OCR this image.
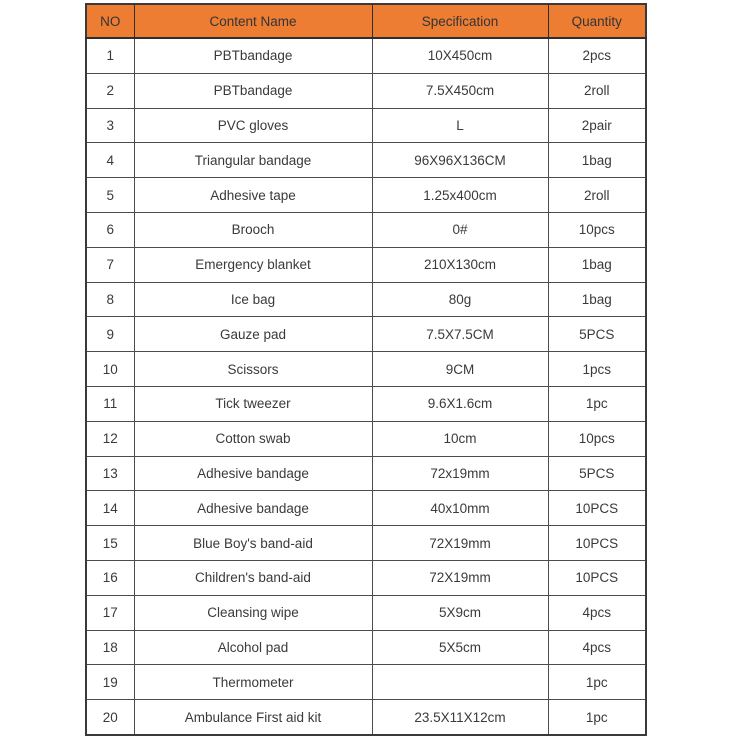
NO	Content Name	Specification	Quantity
1	PBTbandage	10X450cm	2pcs
2	PBTbandage	7.5X450cm	2roll
3	PVC gloves	L	2pair
4	Triangular bandage	96X96X136CM	1bag
5	Adhesive tape	1.25x400cm	2roll
6	Brooch	0#	10pcs
7	Emergency blanket	210X130cm	1bag
8	Ice bag	80g	1bag
9	Gauze pad	7.5X7.5CM	5PCS
10	Scissors	9CM	1pcs
11	Tick tweezer	9.6X1.6cm	1pc
12	Cotton swab	10cm	10pcs
13	Adhesive bandage	72x19mm	5PCS
14	Adhesive bandage	40x10mm	10PCS
15	Blue Boy's band-aid	72X19mm	10PCS
16	Children's band-aid	72X19mm	10PCS
17	Cleansing wipe	5X9cm	4pcs
18	Alcohol pad	5X5cm	4pcs
19	Thermometer		1pc
20	Ambulance First aid kit	23.5X11X12cm	1pc
